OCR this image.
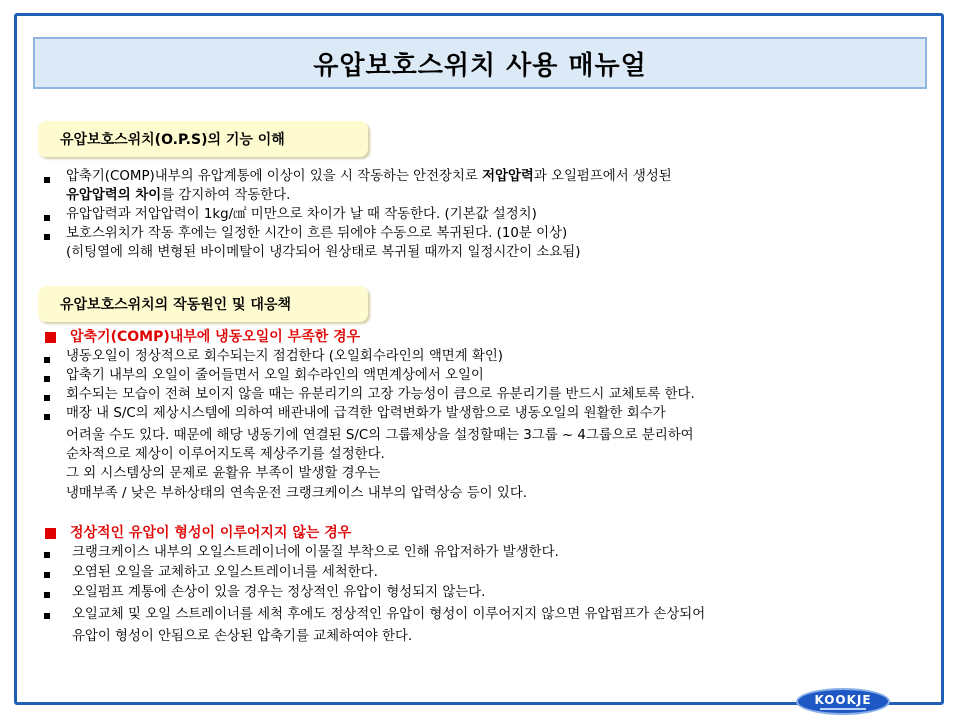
유압보호스위치 사용 매뉴얼
유압보호스위치(O.P.S)의 기능 이해
압축기(COMP)내부의 유압계통에 이상이 있을 시 작동하는 안전장치로 저압압력과 오일펌프에서 생성된
유압압력의 차이를 감지하여 작동한다.
유압압력과 저압압력이 1kg/㎠ 미만으로 차이가 날 때 작동한다. (기본값 설정치)
보호스위치가 작동 후에는 일정한 시간이 흐른 뒤에야 수동으로 복귀된다. (10분 이상)
(히팅열에 의해 변형된 바이메탈이 냉각되어 원상태로 복귀될 때까지 일정시간이 소요됨)
유압보호스위치의 작동원인 및 대응책
압축기(COMP)내부에 냉동오일이 부족한 경우
냉동오일이 정상적으로 회수되는지 점검한다 (오일회수라인의 액면계 확인)
압축기 내부의 오일이 줄어들면서 오일 회수라인의 액면계상에서 오일이
회수되는 모습이 전혀 보이지 않을 때는 유분리기의 고장 가능성이 큼으로 유분리기를 반드시 교체토록 한다.
매장 내 S/C의 제상시스템에 의하여 배관내에 급격한 압력변화가 발생함으로 냉동오일의 원활한 회수가
어려울 수도 있다. 때문에 해당 냉동기에 연결된 S/C의 그룹제상을 설정할때는 3그룹 ~ 4그룹으로 분리하여
순차적으로 제상이 이루어지도록 제상주기를 설정한다.
그 외 시스템상의 문제로 윤활유 부족이 발생할 경우는
냉매부족 / 낮은 부하상태의 연속운전 크랭크케이스 내부의 압력상승 등이 있다.
정상적인 유압이 형성이 이루어지지 않는 경우
크랭크케이스 내부의 오일스트레이너에 이물질 부착으로 인해 유압저하가 발생한다.
오염된 오일을 교체하고 오일스트레이너를 세척한다.
오일펌프 계통에 손상이 있을 경우는 정상적인 유압이 형성되지 않는다.
오일교체 및 오일 스트레이너를 세척 후에도 정상적인 유압이 형성이 이루어지지 않으면 유압펌프가 손상되어
유압이 형성이 안됨으로 손상된 압축기를 교체하여야 한다.
KOOKJE
